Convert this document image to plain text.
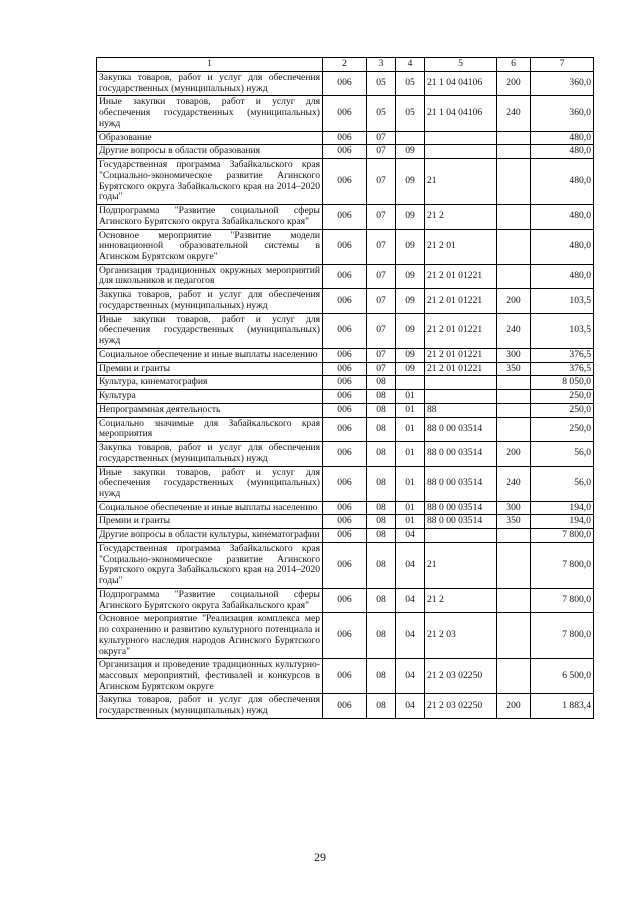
1	2	3	4	5	6	7
Закупка товаров, работ и услуг для обеспечения государственных (муниципальных) нужд	006	05	05	21 1 04 04106	200	360,0
Иные закупки товаров, работ и услуг для обеспечения государственных (муниципальных) нужд	006	05	05	21 1 04 04106	240	360,0
Образование	006	07				480,0
Другие вопросы в области образования	006	07	09			480,0
Государственная программа Забайкальского края "Социально-экономическое развитие Агинского Бурятского округа Забайкальского края на 2014–2020 годы"	006	07	09	21		480,0
Подпрограмма "Развитие социальной сферы Агинского Бурятского округа Забайкальского края"	006	07	09	21 2		480,0
Основное мероприятие "Развитие модели инновационной образовательной системы в Агинском Бурятском округе"	006	07	09	21 2 01		480,0
Организация традиционных окружных мероприятий для школьников и педагогов	006	07	09	21 2 01 01221		480,0
Закупка товаров, работ и услуг для обеспечения государственных (муниципальных) нужд	006	07	09	21 2 01 01221	200	103,5
Иные закупки товаров, работ и услуг для обеспечения государственных (муниципальных) нужд	006	07	09	21 2 01 01221	240	103,5
Социальное обеспечение и иные выплаты населению	006	07	09	21 2 01 01221	300	376,5
Премии и гранты	006	07	09	21 2 01 01221	350	376,5
Культура, кинематография	006	08				8 050,0
Культура	006	08	01			250,0
Непрограммная деятельность	006	08	01	88		250,0
Социально значимые для Забайкальского края мероприятия	006	08	01	88 0 00 03514		250,0
Закупка товаров, работ и услуг для обеспечения государственных (муниципальных) нужд	006	08	01	88 0 00 03514	200	56,0
Иные закупки товаров, работ и услуг для обеспечения государственных (муниципальных) нужд	006	08	01	88 0 00 03514	240	56,0
Социальное обеспечение и иные выплаты населению	006	08	01	88 0 00 03514	300	194,0
Премии и гранты	006	08	01	88 0 00 03514	350	194,0
Другие вопросы в области культуры, кинематографии	006	08	04			7 800,0
Государственная программа Забайкальского края "Социально-экономическое развитие Агинского Бурятского округа Забайкальского края на 2014–2020 годы"	006	08	04	21		7 800,0
Подпрограмма "Развитие социальной сферы Агинского Бурятского округа Забайкальского края"	006	08	04	21 2		7 800,0
Основное мероприятие "Реализация комплекса мер по сохранению и развитию культурного потенциала и культурного наследия народов Агинского Бурятского округа"	006	08	04	21 2 03		7 800,0
Организация и проведение традиционных культурно-массовых мероприятий, фестивалей и конкурсов в Агинском Бурятском округе	006	08	04	21 2 03 02250		6 500,0
Закупка товаров, работ и услуг для обеспечения государственных (муниципальных) нужд	006	08	04	21 2 03 02250	200	1 883,4
29
